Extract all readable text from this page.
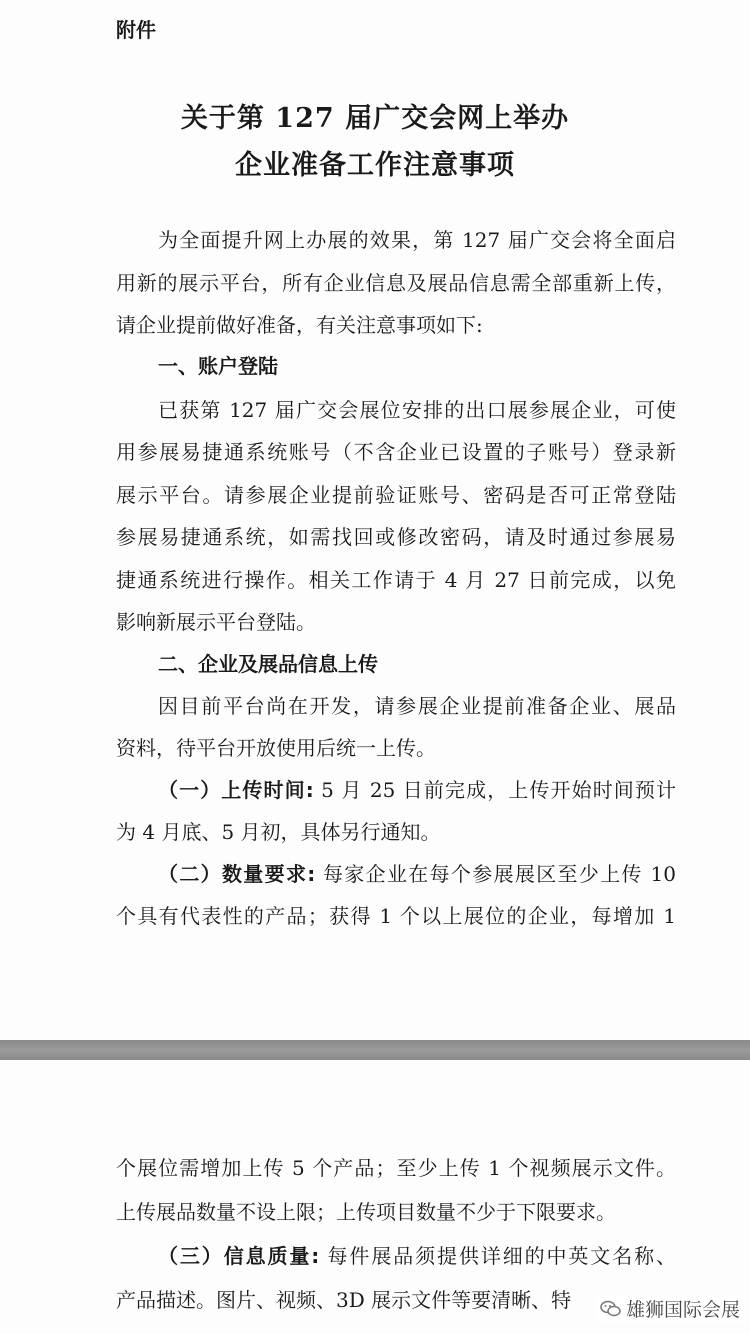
附件
关于第 127 届广交会网上举办
企业准备工作注意事项
为全面提升网上办展的效果，第 127 届广交会将全面启
用新的展示平台，所有企业信息及展品信息需全部重新上传，
请企业提前做好准备，有关注意事项如下:
一、账户登陆
已获第 127 届广交会展位安排的出口展参展企业，可使
用参展易捷通系统账号（不含企业已设置的子账号）登录新
展示平台。请参展企业提前验证账号、密码是否可正常登陆
参展易捷通系统，如需找回或修改密码，请及时通过参展易
捷通系统进行操作。相关工作请于 4 月 27 日前完成，以免
影响新展示平台登陆。
二、企业及展品信息上传
因目前平台尚在开发，请参展企业提前准备企业、展品
资料，待平台开放使用后统一上传。
（一）上传时间: 5 月 25 日前完成，上传开始时间预计
为 4 月底、5 月初，具体另行通知。
（二）数量要求: 每家企业在每个参展展区至少上传 10
个具有代表性的产品；获得 1 个以上展位的企业，每增加 1
个展位需增加上传 5 个产品；至少上传 1 个视频展示文件。
上传展品数量不设上限；上传项目数量不少于下限要求。
（三）信息质量: 每件展品须提供详细的中英文名称、
产品描述。图片、视频、3D 展示文件等要清晰、特	雄狮国际会展
